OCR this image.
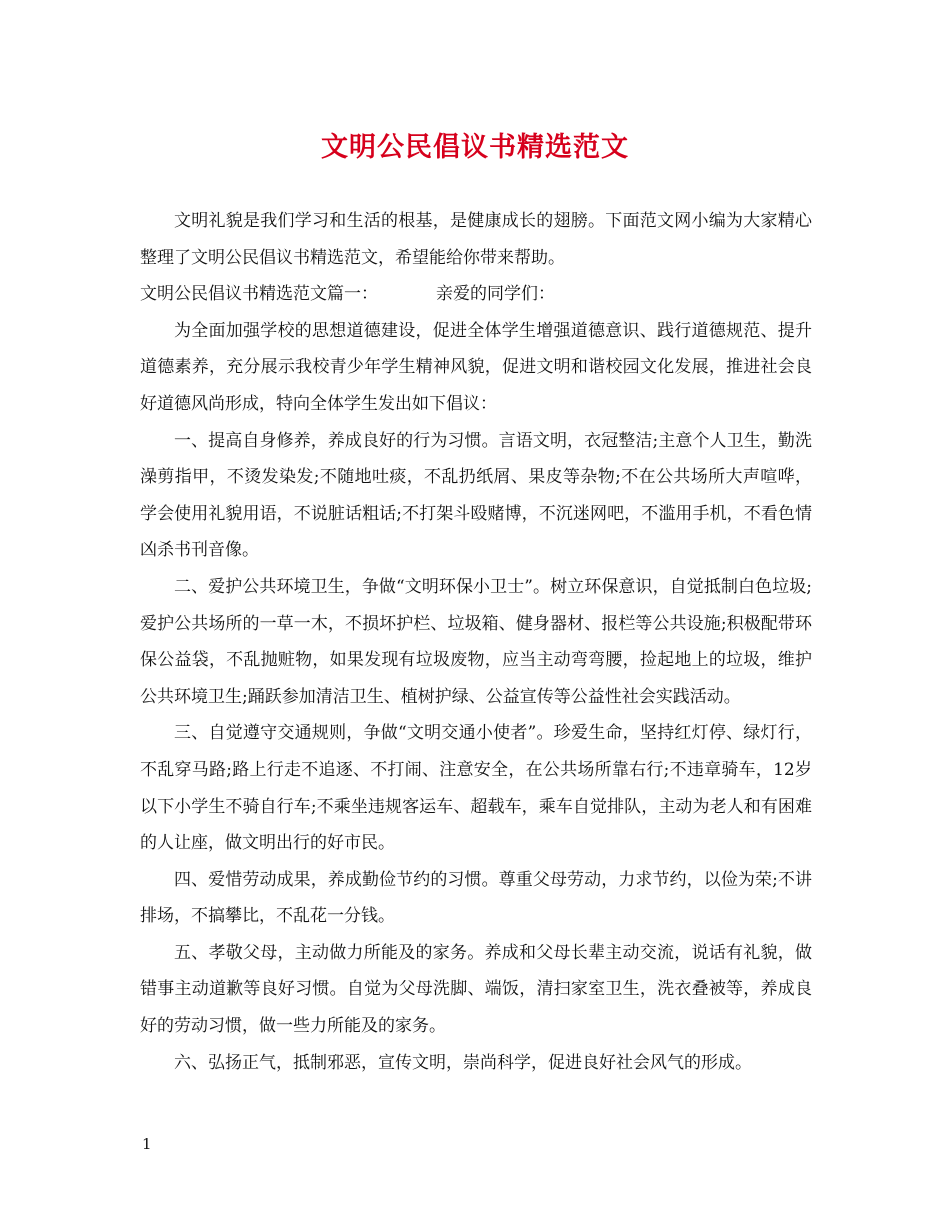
文明公民倡议书精选范文

文明礼貌是我们学习和生活的根基，是健康成长的翅膀。下面范文网小编为大家精心整理了文明公民倡议书精选范文，希望能给你带来帮助。

文明公民倡议书精选范文篇一：	亲爱的同学们：

为全面加强学校的思想道德建设，促进全体学生增强道德意识、践行道德规范、提升道德素养，充分展示我校青少年学生精神风貌，促进文明和谐校园文化发展，推进社会良好道德风尚形成，特向全体学生发出如下倡议：

一、提高自身修养，养成良好的行为习惯。言语文明，衣冠整洁;主意个人卫生，勤洗澡剪指甲，不烫发染发;不随地吐痰，不乱扔纸屑、果皮等杂物;不在公共场所大声喧哗，学会使用礼貌用语，不说脏话粗话;不打架斗殴赌博，不沉迷网吧，不滥用手机，不看色情凶杀书刊音像。

二、爱护公共环境卫生，争做“文明环保小卫士”。树立环保意识，自觉抵制白色垃圾;爱护公共场所的一草一木，不损坏护栏、垃圾箱、健身器材、报栏等公共设施;积极配带环保公益袋，不乱抛赃物，如果发现有垃圾废物，应当主动弯弯腰，捡起地上的垃圾，维护公共环境卫生;踊跃参加清洁卫生、植树护绿、公益宣传等公益性社会实践活动。

三、自觉遵守交通规则，争做“文明交通小使者”。珍爱生命，坚持红灯停、绿灯行，不乱穿马路;路上行走不追逐、不打闹、注意安全，在公共场所靠右行;不违章骑车，12岁以下小学生不骑自行车;不乘坐违规客运车、超载车，乘车自觉排队，主动为老人和有困难的人让座，做文明出行的好市民。

四、爱惜劳动成果，养成勤俭节约的习惯。尊重父母劳动，力求节约，以俭为荣;不讲排场，不搞攀比，不乱花一分钱。

五、孝敬父母，主动做力所能及的家务。养成和父母长辈主动交流，说话有礼貌，做错事主动道歉等良好习惯。自觉为父母洗脚、端饭，清扫家室卫生，洗衣叠被等，养成良好的劳动习惯，做一些力所能及的家务。

六、弘扬正气，抵制邪恶，宣传文明，崇尚科学，促进良好社会风气的形成。

1
